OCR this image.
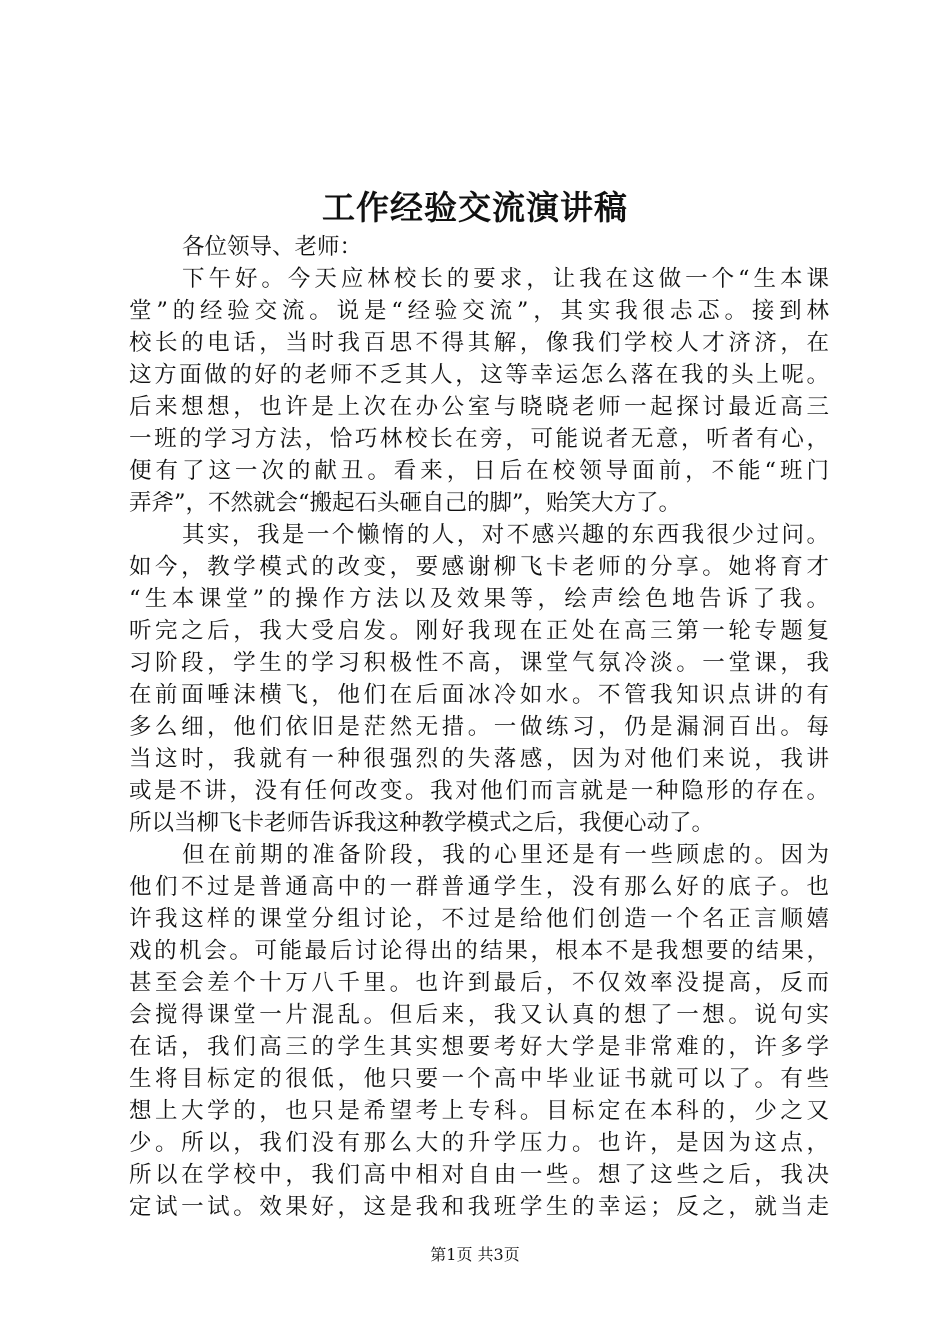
工作经验交流演讲稿
各位领导、老师：
下午好。今天应林校长的要求，让我在这做一个“生本课
堂”的经验交流。说是“经验交流”，其实我很忐忑。接到林
校长的电话，当时我百思不得其解，像我们学校人才济济，在
这方面做的好的老师不乏其人，这等幸运怎么落在我的头上呢。
后来想想，也许是上次在办公室与晓晓老师一起探讨最近高三
一班的学习方法，恰巧林校长在旁，可能说者无意，听者有心，
便有了这一次的献丑。看来，日后在校领导面前，不能“班门
弄斧”，不然就会“搬起石头砸自己的脚”，贻笑大方了。
其实，我是一个懒惰的人，对不感兴趣的东西我很少过问。
如今，教学模式的改变，要感谢柳飞卡老师的分享。她将育才
“生本课堂”的操作方法以及效果等，绘声绘色地告诉了我。
听完之后，我大受启发。刚好我现在正处在高三第一轮专题复
习阶段，学生的学习积极性不高，课堂气氛冷淡。一堂课，我
在前面唾沫横飞，他们在后面冰冷如水。不管我知识点讲的有
多么细，他们依旧是茫然无措。一做练习，仍是漏洞百出。每
当这时，我就有一种很强烈的失落感，因为对他们来说，我讲
或是不讲，没有任何改变。我对他们而言就是一种隐形的存在。
所以当柳飞卡老师告诉我这种教学模式之后，我便心动了。
但在前期的准备阶段，我的心里还是有一些顾虑的。因为
他们不过是普通高中的一群普通学生，没有那么好的底子。也
许我这样的课堂分组讨论，不过是给他们创造一个名正言顺嬉
戏的机会。可能最后讨论得出的结果，根本不是我想要的结果，
甚至会差个十万八千里。也许到最后，不仅效率没提高，反而
会搅得课堂一片混乱。但后来，我又认真的想了一想。说句实
在话，我们高三的学生其实想要考好大学是非常难的，许多学
生将目标定的很低，他只要一个高中毕业证书就可以了。有些
想上大学的，也只是希望考上专科。目标定在本科的，少之又
少。所以，我们没有那么大的升学压力。也许，是因为这点，
所以在学校中，我们高中相对自由一些。想了这些之后，我决
定试一试。效果好，这是我和我班学生的幸运；反之，就当走
第1页 共3页
